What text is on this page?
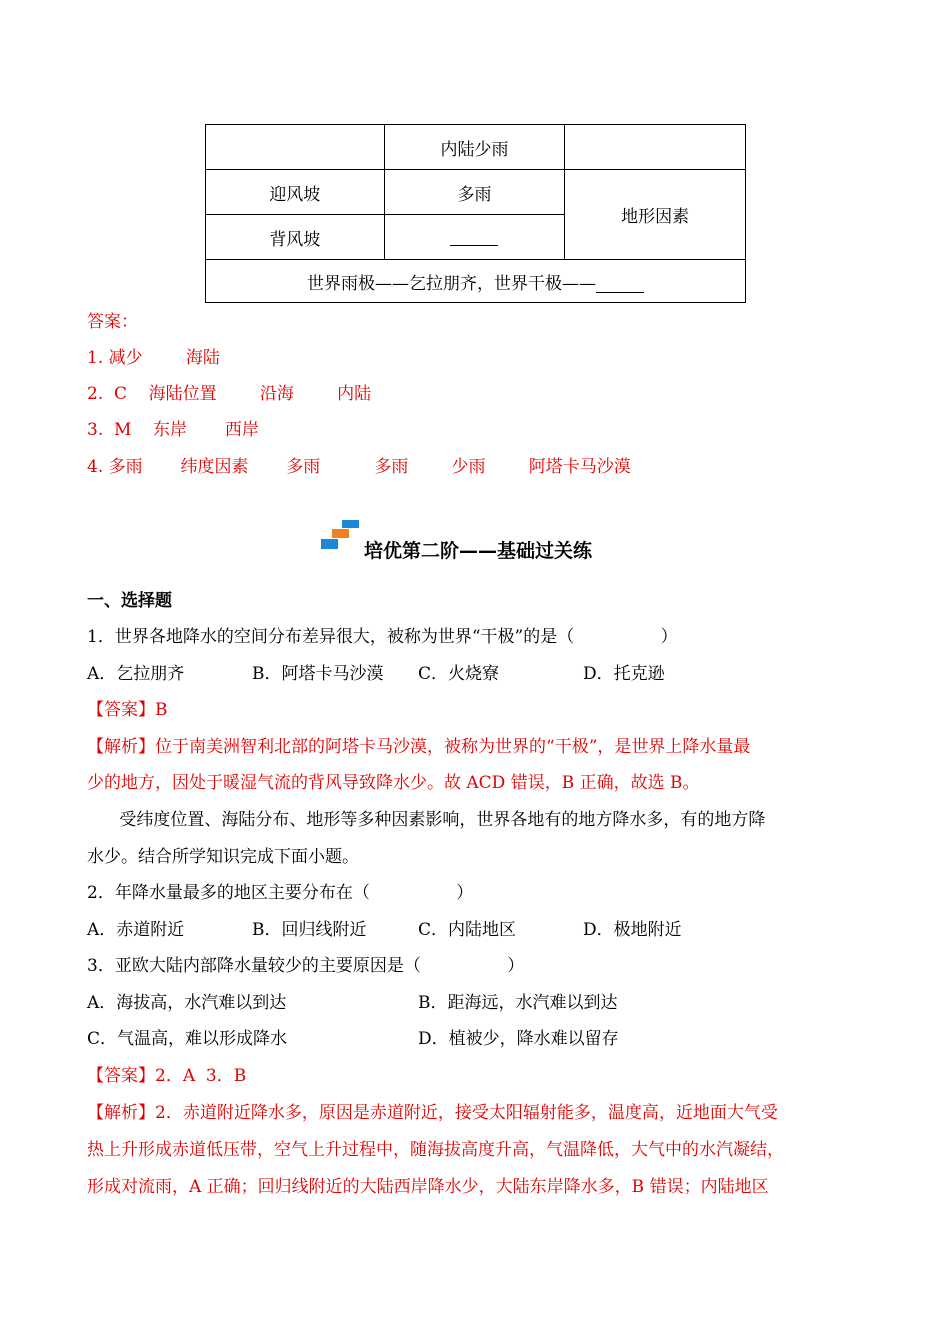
	内陆少雨	
迎风坡	多雨	地形因素
背风坡		
世界雨极——乞拉朋齐，世界干极——		
答案：
1. 减少        海陆
2.  C    海陆位置        沿海        内陆
3.  M    东岸       西岸
4. 多雨       纬度因素       多雨          多雨        少雨        阿塔卡马沙漠
培优第二阶——基础过关练
一、选择题
1．世界各地降水的空间分布差异很大，被称为世界“干极”的是（                ）
A．乞拉朋齐	B．阿塔卡马沙漠 C．火烧寮	D．托克逊
【答案】B
【解析】位于南美洲智利北部的阿塔卡马沙漠，被称为世界的“干极”，是世界上降水量最
少的地方，因处于暖湿气流的背风导致降水少。故 ACD 错误，B 正确，故选 B。
受纬度位置、海陆分布、地形等多种因素影响，世界各地有的地方降水多，有的地方降
水少。结合所学知识完成下面小题。
2．年降水量最多的地区主要分布在（                ）
A．赤道附近	B．回归线附近	C．内陆地区	D．极地附近
3．亚欧大陆内部降水量较少的主要原因是（                ）
A．海拔高，水汽难以到达	B．距海远，水汽难以到达
C．气温高，难以形成降水	D．植被少，降水难以留存
【答案】2．A  3．B
【解析】2．赤道附近降水多，原因是赤道附近，接受太阳辐射能多，温度高，近地面大气受
热上升形成赤道低压带，空气上升过程中，随海拔高度升高，气温降低，大气中的水汽凝结，
形成对流雨，A 正确；回归线附近的大陆西岸降水少，大陆东岸降水多，B 错误；内陆地区
